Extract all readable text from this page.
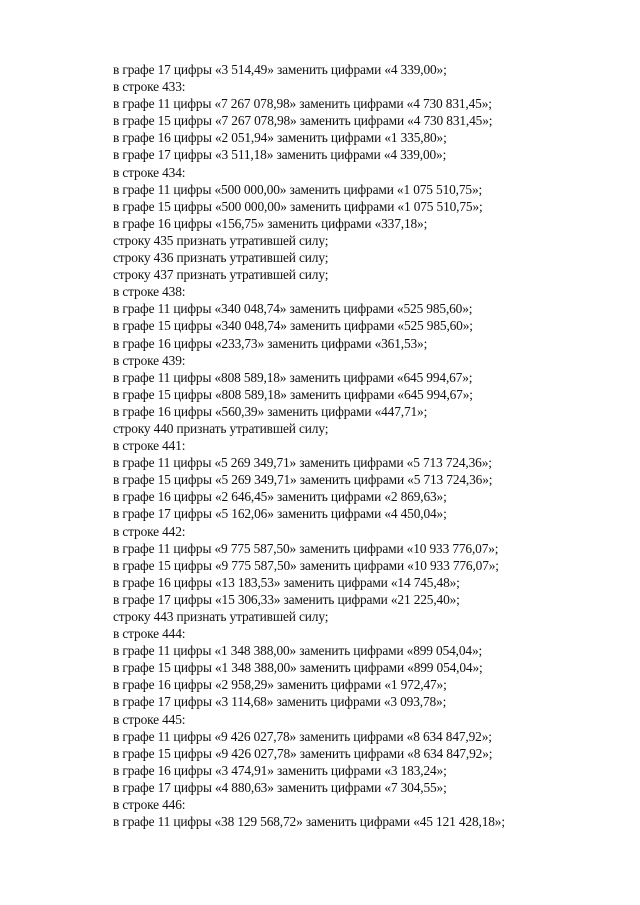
в графе 17 цифры «3 514,49» заменить цифрами «4 339,00»;
в строке 433:
в графе 11 цифры «7 267 078,98» заменить цифрами «4 730 831,45»;
в графе 15 цифры «7 267 078,98» заменить цифрами «4 730 831,45»;
в графе 16 цифры «2 051,94» заменить цифрами «1 335,80»;
в графе 17 цифры «3 511,18» заменить цифрами «4 339,00»;
в строке 434:
в графе 11 цифры «500 000,00» заменить цифрами «1 075 510,75»;
в графе 15 цифры «500 000,00» заменить цифрами «1 075 510,75»;
в графе 16 цифры «156,75» заменить цифрами «337,18»;
строку 435 признать утратившей силу;
строку 436 признать утратившей силу;
строку 437 признать утратившей силу;
в строке 438:
в графе 11 цифры «340 048,74» заменить цифрами «525 985,60»;
в графе 15 цифры «340 048,74» заменить цифрами «525 985,60»;
в графе 16 цифры «233,73» заменить цифрами «361,53»;
в строке 439:
в графе 11 цифры «808 589,18» заменить цифрами «645 994,67»;
в графе 15 цифры «808 589,18» заменить цифрами «645 994,67»;
в графе 16 цифры «560,39» заменить цифрами «447,71»;
строку 440 признать утратившей силу;
в строке 441:
в графе 11 цифры «5 269 349,71» заменить цифрами «5 713 724,36»;
в графе 15 цифры «5 269 349,71» заменить цифрами «5 713 724,36»;
в графе 16 цифры «2 646,45» заменить цифрами «2 869,63»;
в графе 17 цифры «5 162,06» заменить цифрами «4 450,04»;
в строке 442:
в графе 11 цифры «9 775 587,50» заменить цифрами «10 933 776,07»;
в графе 15 цифры «9 775 587,50» заменить цифрами «10 933 776,07»;
в графе 16 цифры «13 183,53» заменить цифрами «14 745,48»;
в графе 17 цифры «15 306,33» заменить цифрами «21 225,40»;
строку 443 признать утратившей силу;
в строке 444:
в графе 11 цифры «1 348 388,00» заменить цифрами «899 054,04»;
в графе 15 цифры «1 348 388,00» заменить цифрами «899 054,04»;
в графе 16 цифры «2 958,29» заменить цифрами «1 972,47»;
в графе 17 цифры «3 114,68» заменить цифрами «3 093,78»;
в строке 445:
в графе 11 цифры «9 426 027,78» заменить цифрами «8 634 847,92»;
в графе 15 цифры «9 426 027,78» заменить цифрами «8 634 847,92»;
в графе 16 цифры «3 474,91» заменить цифрами «3 183,24»;
в графе 17 цифры «4 880,63» заменить цифрами «7 304,55»;
в строке 446:
в графе 11 цифры «38 129 568,72» заменить цифрами «45 121 428,18»;
